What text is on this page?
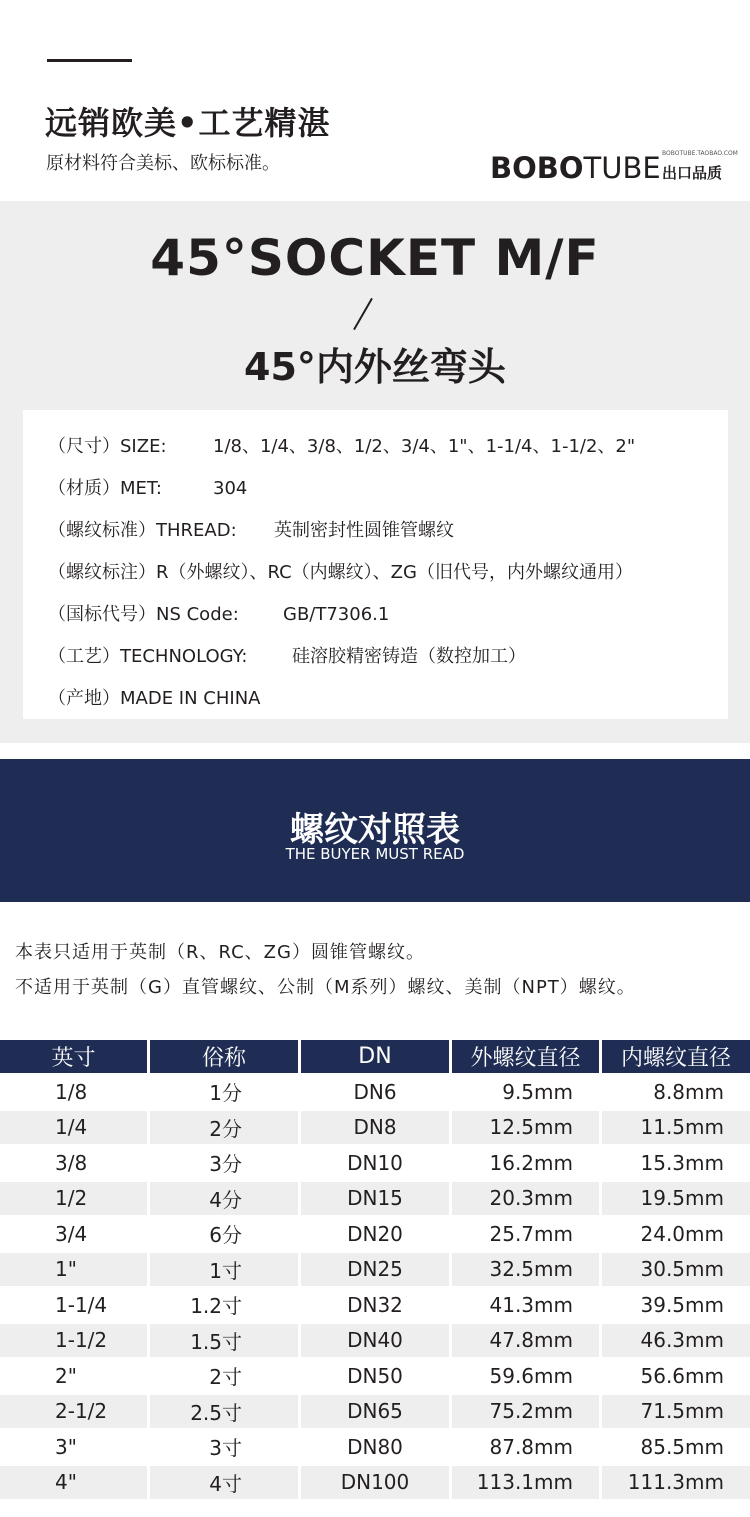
远销欧美•工艺精湛
原材料符合美标、欧标标准。	BOBOTUBE BOBOTUBE.TAOBAO.COM
出口品质
45°SOCKET M/F
45°内外丝弯头
（尺寸）SIZE:	1/8、1/4、3/8、1/2、3/4、1"、1-1/4、1-1/2、2"
（材质）MET:	304
（螺纹标准）THREAD: 英制密封性圆锥管螺纹
（螺纹标注）R（外螺纹）、RC（内螺纹）、ZG（旧代号，内外螺纹通用）
（国标代号）NS Code: GB/T7306.1
（工艺）TECHNOLOGY: 硅溶胶精密铸造（数控加工）
（产地）MADE IN CHINA
螺纹对照表
THE BUYER MUST READ
本表只适用于英制（R、RC、ZG）圆锥管螺纹。
不适用于英制（G）直管螺纹、公制（M系列）螺纹、美制（NPT）螺纹。
英寸	俗称	DN	外螺纹直径	内螺纹直径
1/8	1分	DN6	9.5mm	8.8mm
1/4	2分	DN8	12.5mm	11.5mm
3/8	3分	DN10	16.2mm	15.3mm
1/2	4分	DN15	20.3mm	19.5mm
3/4	6分	DN20	25.7mm	24.0mm
1"	1寸	DN25	32.5mm	30.5mm
1-1/4	1.2寸	DN32	41.3mm	39.5mm
1-1/2	1.5寸	DN40	47.8mm	46.3mm
2"	2寸	DN50	59.6mm	56.6mm
2-1/2	2.5寸	DN65	75.2mm	71.5mm
3"	3寸	DN80	87.8mm	85.5mm
4"	4寸	DN100	113.1mm	111.3mm
